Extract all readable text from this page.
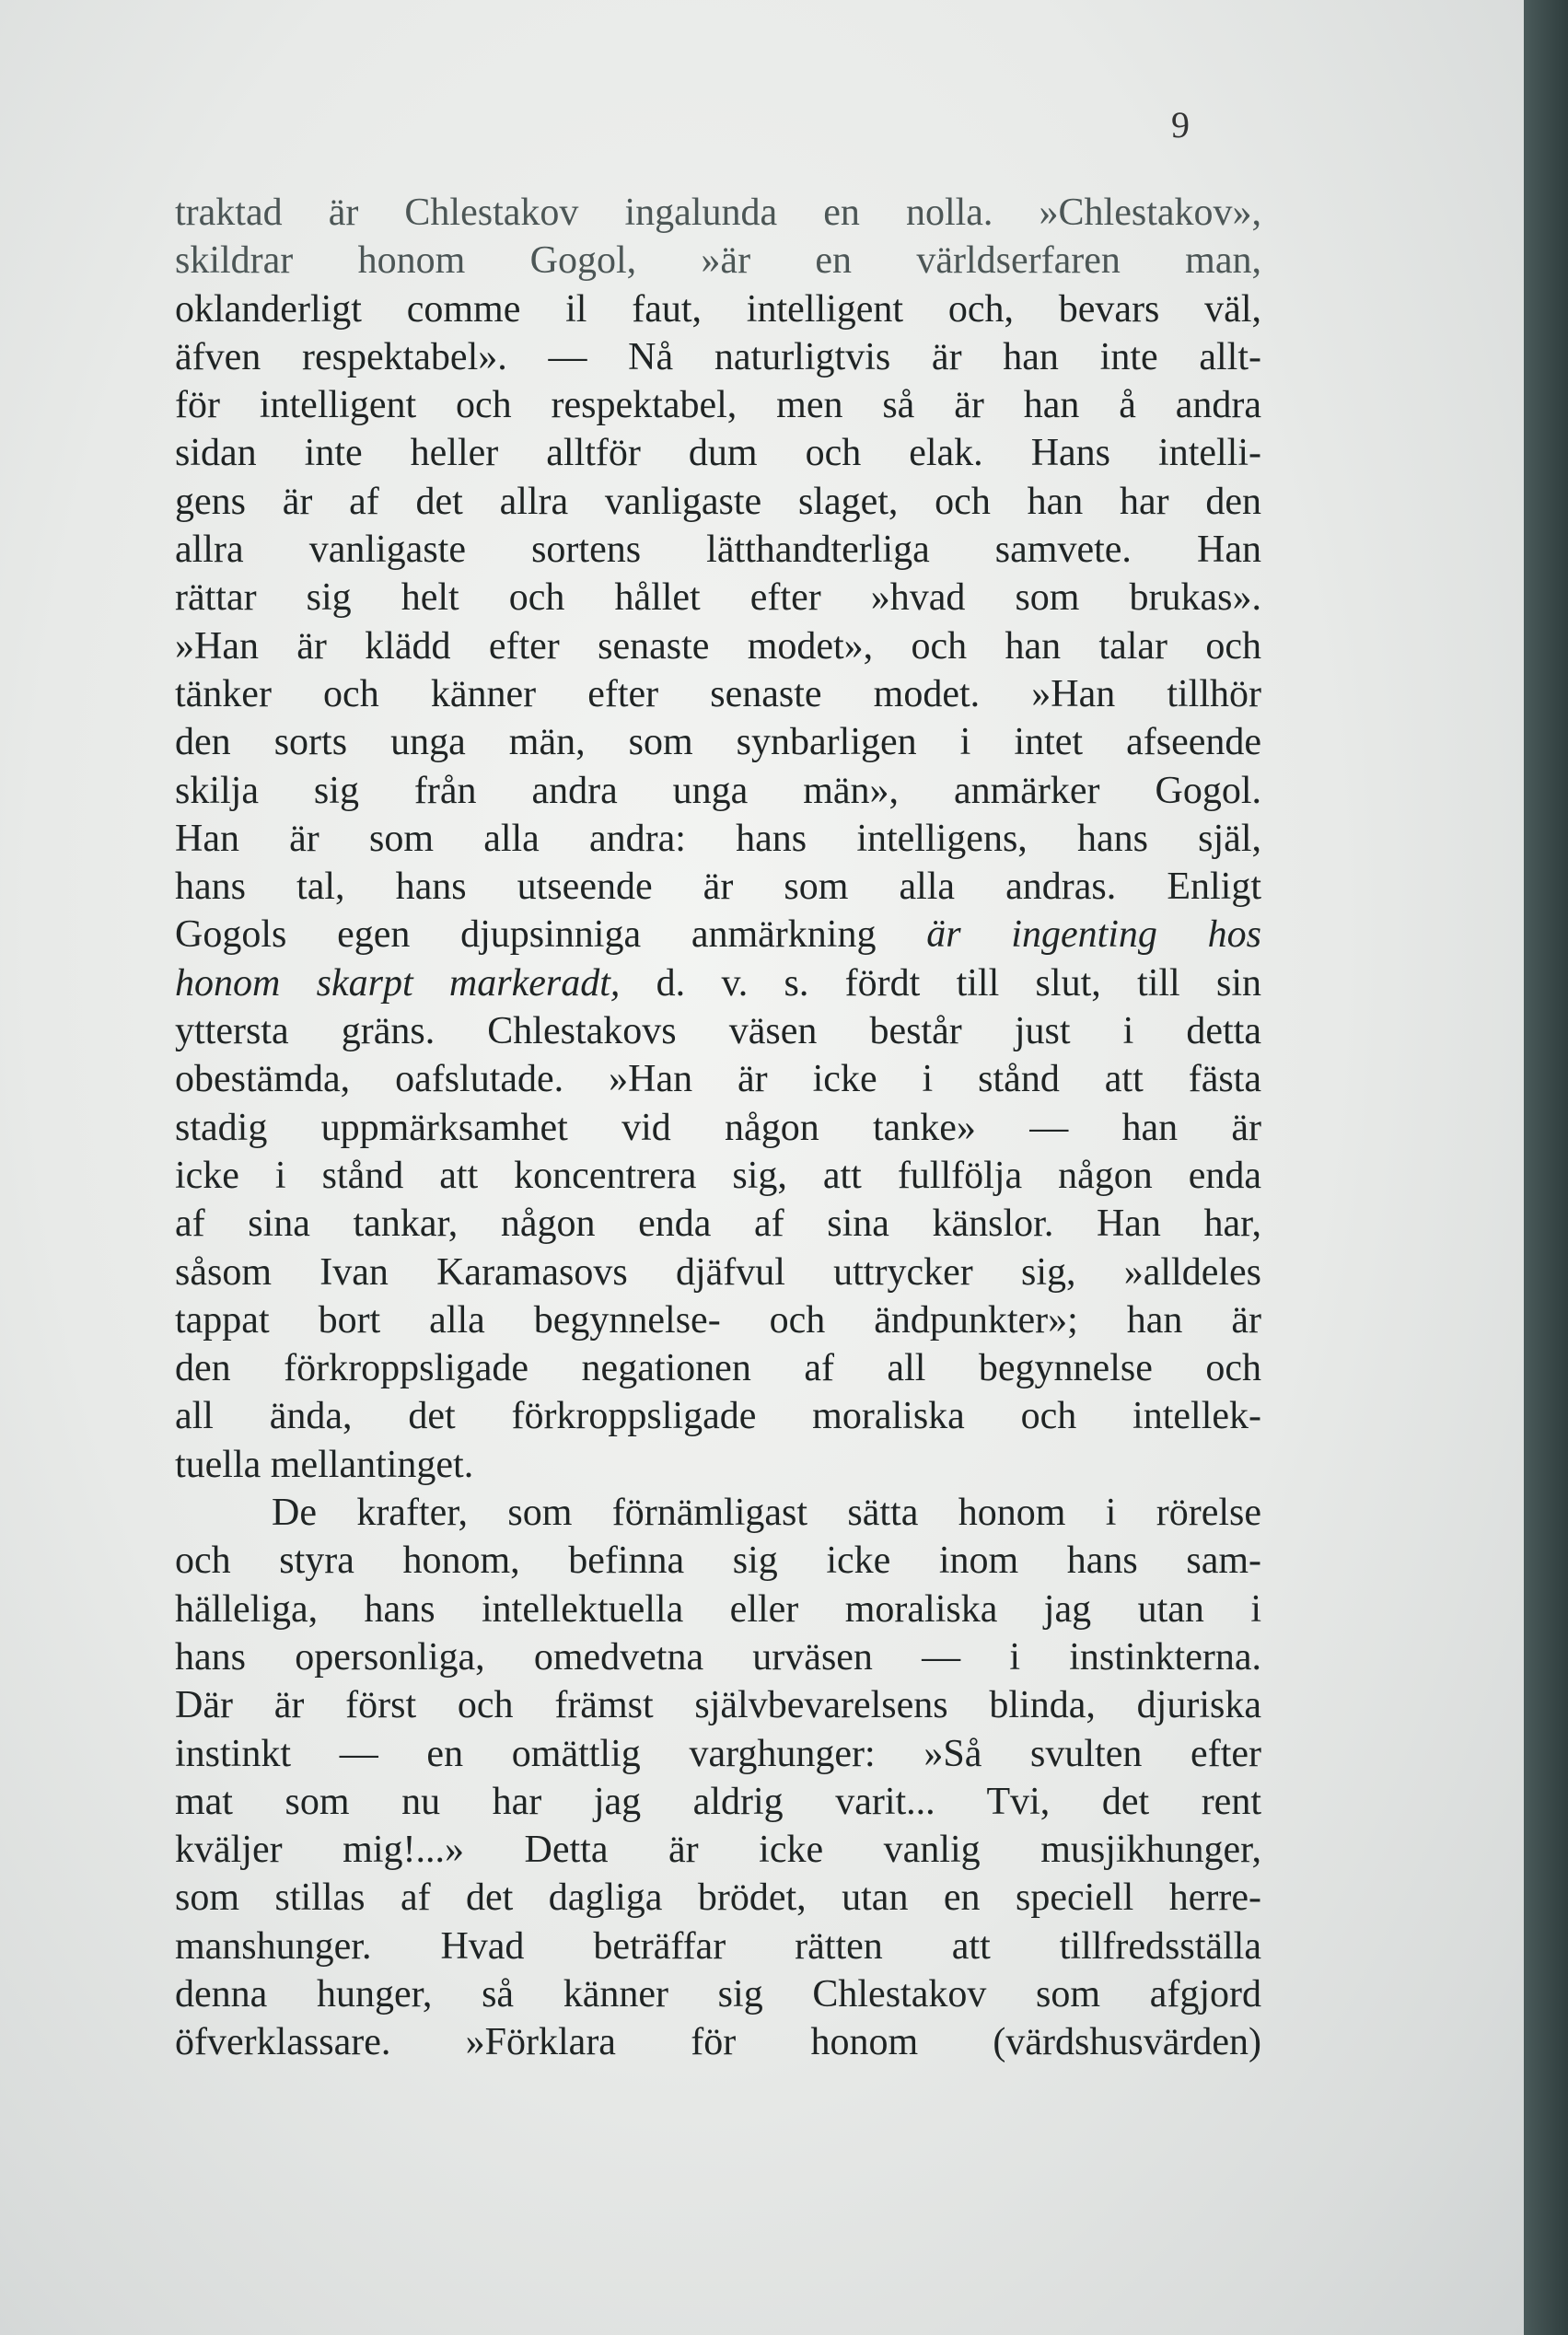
9
traktad är Chlestakov ingalunda en nolla. »Chlestakov»,
skildrar honom Gogol, »är en världserfaren man,
oklanderligt comme il faut, intelligent och, bevars väl,
äfven respektabel». — Nå naturligtvis är han inte allt-
för intelligent och respektabel, men så är han å andra
sidan inte heller alltför dum och elak. Hans intelli-
gens är af det allra vanligaste slaget, och han har den
allra vanligaste sortens lätthandterliga samvete. Han
rättar sig helt och hållet efter »hvad som brukas».
»Han är klädd efter senaste modet», och han talar och
tänker och känner efter senaste modet. »Han tillhör
den sorts unga män, som synbarligen i intet afseende
skilja sig från andra unga män», anmärker Gogol.
Han är som alla andra: hans intelligens, hans själ,
hans tal, hans utseende är som alla andras. Enligt
Gogols egen djupsinniga anmärkning är ingenting hos
honom skarpt markeradt, d. v. s. fördt till slut, till sin
yttersta gräns. Chlestakovs väsen består just i detta
obestämda, oafslutade. »Han är icke i stånd att fästa
stadig uppmärksamhet vid någon tanke» — han är
icke i stånd att koncentrera sig, att fullfölja någon enda
af sina tankar, någon enda af sina känslor. Han har,
såsom Ivan Karamasovs djäfvul uttrycker sig, »alldeles
tappat bort alla begynnelse- och ändpunkter»; han är
den förkroppsligade negationen af all begynnelse och
all ända, det förkroppsligade moraliska och intellek-
tuella mellantinget.
De krafter, som förnämligast sätta honom i rörelse
och styra honom, befinna sig icke inom hans sam-
hälleliga, hans intellektuella eller moraliska jag utan i
hans opersonliga, omedvetna urväsen — i instinkterna.
Där är först och främst självbevarelsens blinda, djuriska
instinkt — en omättlig varghunger: »Så svulten efter
mat som nu har jag aldrig varit... Tvi, det rent
kväljer mig!...» Detta är icke vanlig musjikhunger,
som stillas af det dagliga brödet, utan en speciell herre-
manshunger. Hvad beträffar rätten att tillfredsställa
denna hunger, så känner sig Chlestakov som afgjord
öfverklassare. »Förklara för honom (värdshusvärden)
